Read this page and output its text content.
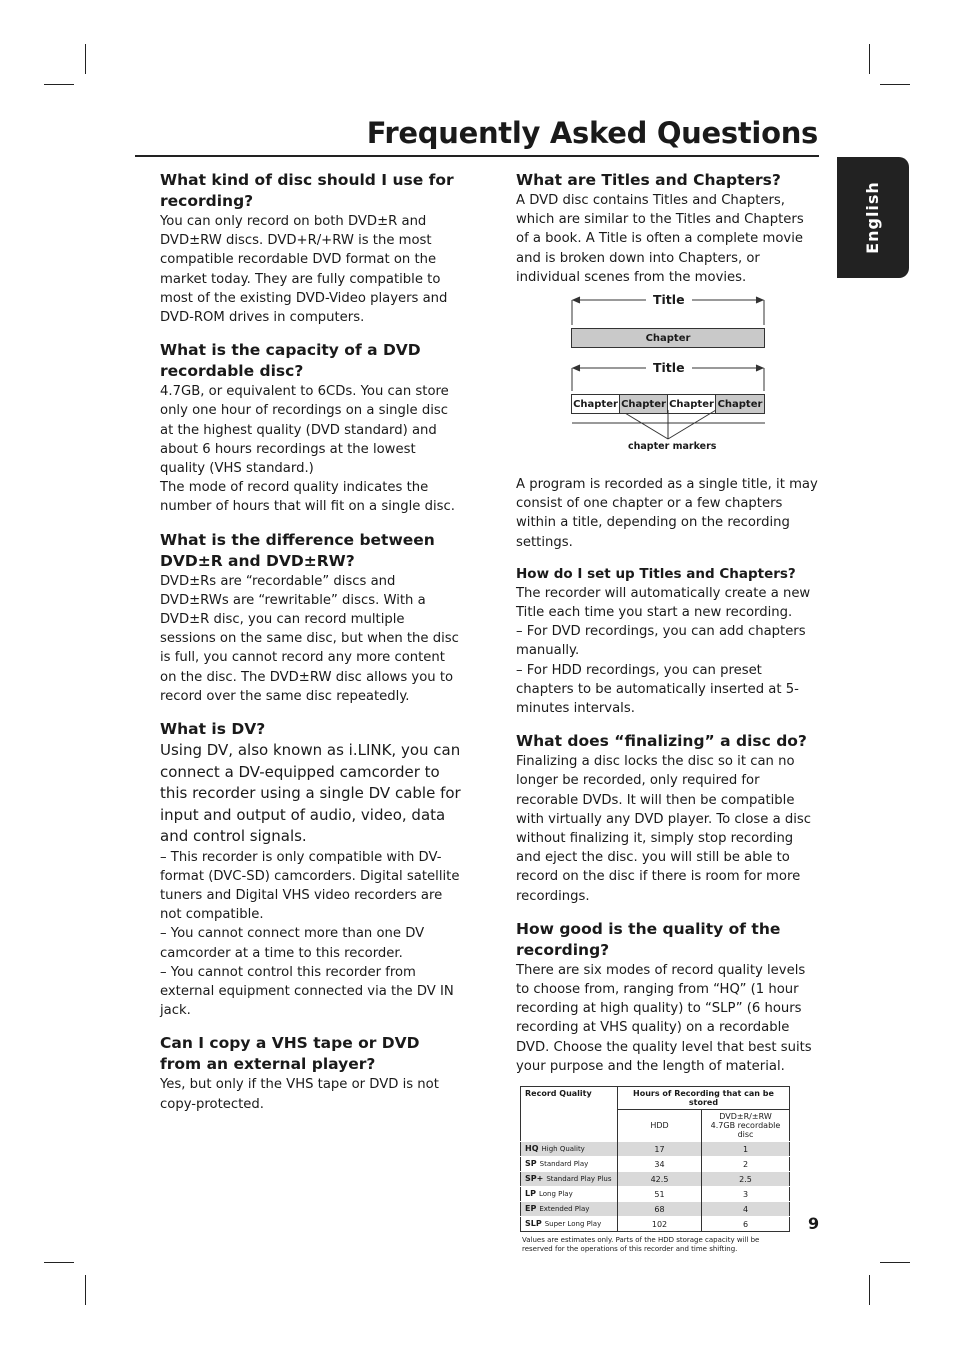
Frequently Asked Questions
English
What kind of disc should I use for recording?

You can only record on both DVD±R and DVD±RW discs. DVD+R/+RW is the most compatible recordable DVD format on the market today. They are fully compatible to most of the existing DVD-Video players and DVD-ROM drives in computers.

What is the capacity of a DVD recordable disc?

4.7GB, or equivalent to 6CDs. You can store only one hour of recordings on a single disc at the highest quality (DVD standard) and about 6 hours recordings at the lowest quality (VHS standard.)

The mode of record quality indicates the number of hours that will fit on a single disc.

What is the difference between DVD±R and DVD±RW?

DVD±Rs are “recordable” discs and DVD±RWs are “rewritable” discs. With a DVD±R disc, you can record multiple sessions on the same disc, but when the disc is full, you cannot record any more content on the disc. The DVD±RW disc allows you to record over the same disc repeatedly.

What is DV?

Using DV, also known as i.LINK, you can connect a DV-equipped camcorder to this recorder using a single DV cable for input and output of audio, video, data and control signals.

– This recorder is only compatible with DV-format (DVC-SD) camcorders. Digital satellite tuners and Digital VHS video recorders are not compatible.

– You cannot connect more than one DV camcorder at a time to this recorder.

– You cannot control this recorder from external equipment connected via the DV IN jack.

Can I copy a VHS tape or DVD from an external player?

Yes, but only if the VHS tape or DVD is not copy-protected.

What are Titles and Chapters?

A DVD disc contains Titles and Chapters, which are similar to the Titles and Chapters of a book. A Title is often a complete movie and is broken down into Chapters, or individual scenes from the movies.

Title
Chapter
Title
Chapter Chapter Chapter Chapter
chapter markers

A program is recorded as a single title, it may consist of one chapter or a few chapters within a title, depending on the recording settings.

How do I set up Titles and Chapters?

The recorder will automatically create a new Title each time you start a new recording.

– For DVD recordings, you can add chapters manually.

– For HDD recordings, you can preset chapters to be automatically inserted at 5-minutes intervals.

What does “finalizing” a disc do?

Finalizing a disc locks the disc so it can no longer be recorded, only required for recorable DVDs. It will then be compatible with virtually any DVD player. To close a disc without finalizing it, simply stop recording and eject the disc. you will still be able to record on the disc if there is room for more recordings.

How good is the quality of the recording?

There are six modes of record quality levels to choose from, ranging from “HQ” (1 hour recording at high quality) to “SLP” (6 hours recording at VHS quality) on a recordable DVD. Choose the quality level that best suits your purpose and the length of material.

Record Quality	Hours of Recording that can be stored	
	HDD	DVD±R/±RW
4.7GB recordable disc
HQ High Quality	17	1
SP Standard Play	34	2
SP+ Standard Play Plus	42.5	2.5
LP Long Play	51	3
EP Extended Play	68	4
SLP Super Long Play	102	6
Values are estimates only. Parts of the HDD storage capacity will be reserved for the operations of this recorder and time shifting.
9
